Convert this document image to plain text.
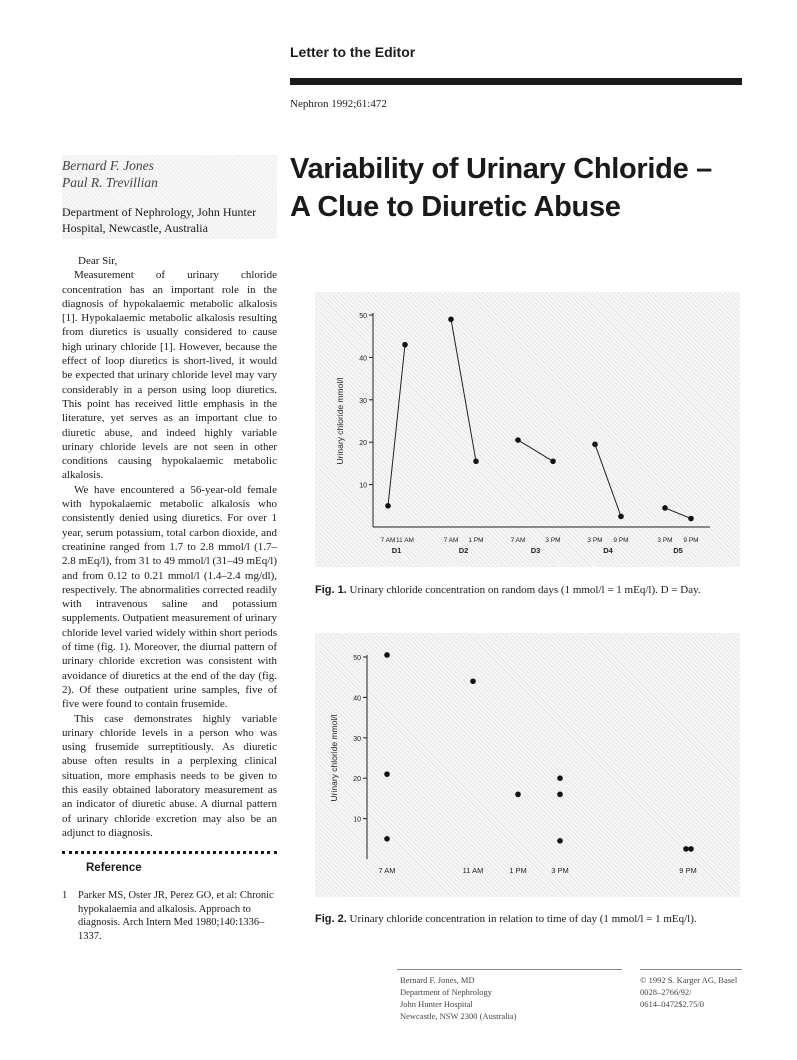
Letter to the Editor
Nephron 1992;61:472
Bernard F. Jones
Paul R. Trevillian
Department of Nephrology, John Hunter Hospital, Newcastle, Australia
Variability of Urinary Chloride –
A Clue to Diuretic Abuse

Dear Sir,

Measurement of urinary chloride concentration has an important role in the diagnosis of hypokalaemic metabolic alkalosis [1]. Hypokalaemic metabolic alkalosis resulting from diuretics is usually considered to cause high urinary chloride [1]. However, because the effect of loop diuretics is short-lived, it would be expected that urinary chloride level may vary considerably in a person using loop diuretics. This point has received little emphasis in the literature, yet serves as an important clue to diuretic abuse, and indeed highly variable urinary chloride levels are not seen in other conditions causing hypokalaemic metabolic alkalosis.

We have encountered a 56-year-old female with hypokalaemic metabolic alkalosis who consistently denied using diuretics. For over 1 year, serum potassium, total carbon dioxide, and creatinine ranged from 1.7 to 2.8 mmol/l (1.7–2.8 mEq/l), from 31 to 49 mmol/l (31–49 mEq/l) and from 0.12 to 0.21 mmol/l (1.4–2.4 mg/dl), respectively. The abnormalities corrected readily with intravenous saline and potassium supplements. Outpatient measurement of urinary chloride level varied widely within short periods of time (fig. 1). Moreover, the diurnal pattern of urinary chloride excretion was consistent with avoidance of diuretics at the end of the day (fig. 2). Of these outpatient urine samples, five of five were found to contain frusemide.

This case demonstrates highly variable urinary chloride levels in a person who was using frusemide surreptitiously. As diuretic abuse often results in a perplexing clinical situation, more emphasis needs to be given to this easily obtained laboratory measurement as an indicator of diuretic abuse. A diurnal pattern of urinary chloride excretion may also be an adjunct to diagnosis.

Reference
1 Parker MS, Oster JR, Perez GO, et al: Chronic hypokalaemia and alkalosis. Approach to diagnosis. Arch Intern Med 1980;140:1336–1337.
10
20
30
40
50
Urinary chloride mmol/l
7 AM 11 AM
D1
7 AM 1 PM
D2
7 AM	3 PM
D3
3 PM 9 PM
D4
3 PM 9 PM
D5
Fig. 1. Urinary chloride concentration on random days (1 mmol/l = 1 mEq/l). D = Day.
10
20
30
40
50
Urinary chloride mmol/l
7 AM	11 AM	1 PM	3 PM	9 PM
Fig. 2. Urinary chloride concentration in relation to time of day (1 mmol/l = 1 mEq/l).
Bernard F. Jones, MD
Department of Nephrology
John Hunter Hospital
Newcastle, NSW 2300 (Australia)
© 1992 S. Karger AG, Basel
0028–2766/92/
0614–0472$2.75/0
